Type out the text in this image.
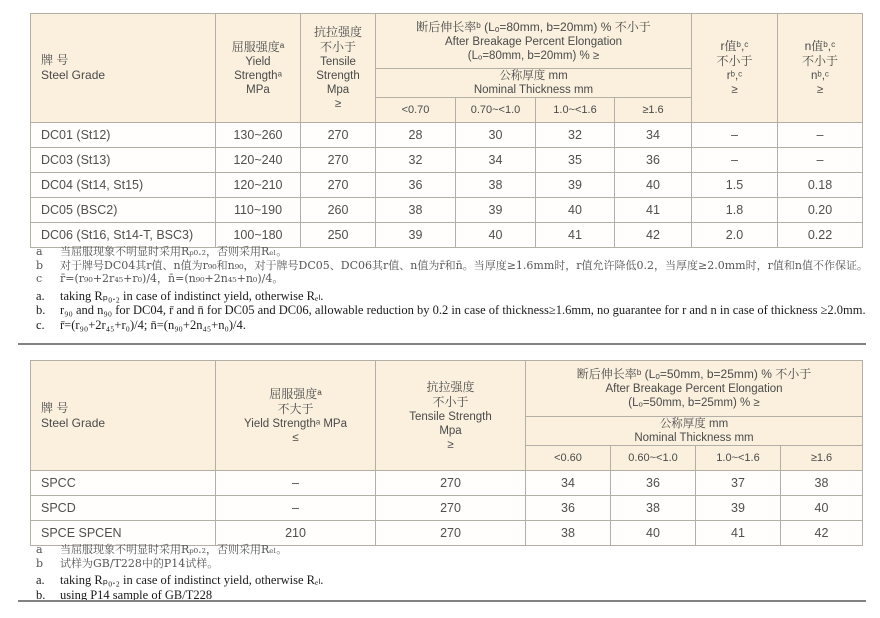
牌 号
Steel Grade

屈服强度ᵃ
Yield
Strengthᵃ
MPa

抗拉强度
不小于
Tensile
Strength
Mpa
≥

断后伸长率ᵇ (Lₒ=80mm, b=20mm) % 不小于
After Breakage Percent Elongation
(Lₒ=80mm, b=20mm) % ≥

r值ᵇ,ᶜ
不小于
rᵇ,ᶜ
≥

n值ᵇ,ᶜ
不小于
nᵇ,ᶜ
≥

			公称厚度 mm
Nominal Thickness mm					

			<0.70	0.70~<1.0	1.0~<1.6	≥1.6		
DC01 (St12)	130~260	270	28	30	32	34	–	–
DC03 (St13)	120~240	270	32	34	35	36	–	–
DC04 (St14, St15)	120~210	270	36	38	39	40	1.5	0.18
DC05 (BSC2)	110~190	260	38	39	40	41	1.8	0.20
DC06 (St16, St14-T, BSC3)	100~180	250	39	40	41	42	2.0	0.22
a	当屈服现象不明显时采用Rₚ₀.₂，否则采用Rₑₗ。
b	对于牌号DC04其r值、n值为r₉₀和n₉₀，对于牌号DC05、DC06其r值、n值为r̄和n̄。当厚度≥1.6mm时，r值允许降低0.2，当厚度≥2.0mm时，r值和n值不作保证。
c	r̄=(r₉₀+2r₄₅+r₀)/4，n̄=(n₉₀+2n₄₅+n₀)/4。
a.	taking Rₚ₀.₂ in case of indistinct yield, otherwise Rₑₗ.
b.	r₉₀ and n₉₀ for DC04, r̄ and n̄ for DC05 and DC06, allowable reduction by 0.2 in case of thickness≥1.6mm, no guarantee for r and n in case of thickness ≥2.0mm.
c.	r̄=(r₉₀+2r₄₅+r₀)/4; n̄=(n₉₀+2n₄₅+n₀)/4.
牌 号
Steel Grade	屈服强度ᵃ
不大于
Yield Strengthᵃ MPa
≤	抗拉强度
不小于
Tensile Strength
Mpa
≥	断后伸长率ᵇ (Lₒ=50mm, b=25mm) % 不小于
After Breakage Percent Elongation
(Lₒ=50mm, b=25mm) % ≥			

			公称厚度 mm
Nominal Thickness mm			

			<0.60	0.60~<1.0	1.0~<1.6	≥1.6
SPCC	–	270	34	36	37	38
SPCD	–	270	36	38	39	40
SPCE SPCEN	210	270	38	40	41	42
a	当屈服现象不明显时采用Rₚ₀.₂，否则采用Rₑₗ。
b	试样为GB/T228中的P14试样。
a.	taking Rₚ₀.₂ in case of indistinct yield, otherwise Rₑₗ.
b.	using P14 sample of GB/T228
